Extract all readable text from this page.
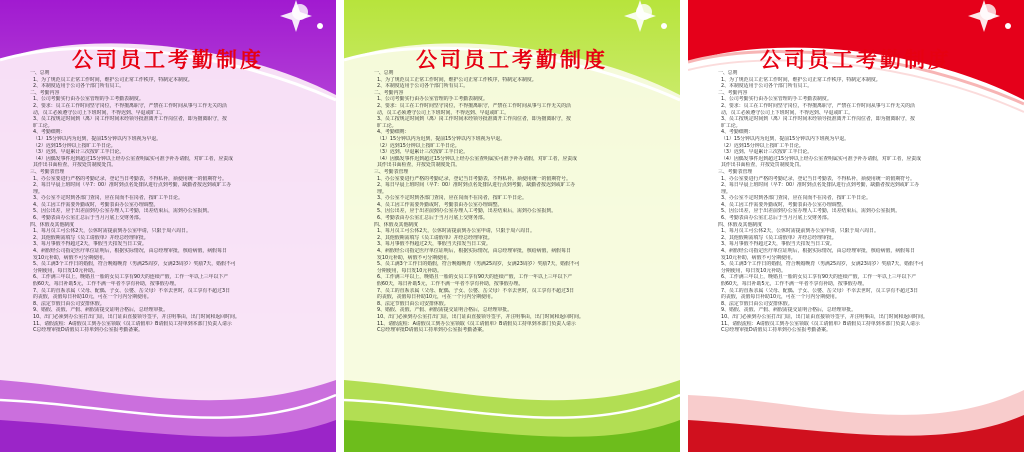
公司员工考勤制度
一、总则
1、为了规范员工正常工作时间，维护公司正常工作秩序，特制定本制度。
2、本制度适用于公司各个部门所有员工。
二、考勤内容
1、公司考勤实行由办公室管理的手工考勤表制度。
2、要求：员工在工作时间坚守岗位，不得擅离职守，严禁在工作时间从事与工作无关的活
动，员工必须遵守公司上下班时间，不得迟到、早退或旷工。
3、员工按规定时间到（离）岗工作时间未经领导批准离开工作岗位者，即为擅离职守，按
旷工论。
4、考勤细则：
（1）15分钟以内为迟到，提前15分钟以内下班视为早退。
（2）迟到15分钟以上按旷工半日论。
（3）迟到、早退累计三次按旷工半日论。
（4）因偶发事件迟到超过15分钟以上经办公室查明属实可准予补办请假，对旷工者，应责成
其作出书面检查，并按处罚制度处罚。
三、考勤表管理
1、办公室要进行严格的考勤记录，登记当日考勤表，不得私补，须使用统一的假期符号。
2、每日早晨上班时间（早7：00）准时到点名处排队进行点到考勤，缺勤者按迟到或旷工办
理。
3、办公室不定时到各部门查岗，应在岗而不在岗者，按旷工半日论。
4、员工因工作需要外勤或时，考勤表由办公室办理调整。
5、因公出差，应于出差前到办公室办理人工考勤，出差结束后，需到办公室报到。
6、考勤表由办公室汇总后于当月月底上交财务部。
四、休假及其他制度
1、每月员工可公休2天，公休时需提前到办公室申请，只限于周六周日。
2、其他假期需填写《员工请假单》并经总经理审批。
3、每月事假不得超过2天，事假当天扣发当日工资。
4、病假经公司指定医疗单位证明后，根据实际情况，由总经理审批，核给病假，病假每日
发10元补助，病假不可分期使用。
5、员工满3个工作日的婚假，符合晚婚晚育（男满25周岁，女满23周岁）奖励7天，婚假不可
分期使用，每日发10元补助。
6、工作满三年以上，晚婚且一胎的女员工享有90天的连续产假，工作一年以上三年以下产
假60天，每日补助5元，工作不满一年者不享有补助，按事假办理。
7、员工的直系亲属（父母、配偶、子女、公婆、岳父母）不幸去世时，员工享有不超过3日
的丧假，丧假每日补助10元，可在一个月内分期使用。
8、法定节假日由公司安排休假。
9、婚假、丧假、产假、病假需提交证明合格后，总经理审批。
10、出门必须到办公室打出门证，出门证由直接领导签字，并注明事由，出门时间和返回时间。
11、请假流程：A请假员工到办公室领取《员工请假单》B请假员工持单到本部门负责人请示
C总经理审批D请假员工持单到办公室报考勤备案。
公司员工考勤制度
一、总则
1、为了规范员工正常工作时间，维护公司正常工作秩序，特制定本制度。
2、本制度适用于公司各个部门所有员工。
二、考勤内容
1、公司考勤实行由办公室管理的手工考勤表制度。
2、要求：员工在工作时间坚守岗位，不得擅离职守，严禁在工作时间从事与工作无关的活
动，员工必须遵守公司上下班时间，不得迟到、早退或旷工。
3、员工按规定时间到（离）岗工作时间未经领导批准离开工作岗位者，即为擅离职守，按
旷工论。
4、考勤细则：
（1）15分钟以内为迟到，提前15分钟以内下班视为早退。
（2）迟到15分钟以上按旷工半日论。
（3）迟到、早退累计三次按旷工半日论。
（4）因偶发事件迟到超过15分钟以上经办公室查明属实可准予补办请假，对旷工者，应责成
其作出书面检查，并按处罚制度处罚。
三、考勤表管理
1、办公室要进行严格的考勤记录，登记当日考勤表，不得私补，须使用统一的假期符号。
2、每日早晨上班时间（早7：00）准时到点名处排队进行点到考勤，缺勤者按迟到或旷工办
理。
3、办公室不定时到各部门查岗，应在岗而不在岗者，按旷工半日论。
4、员工因工作需要外勤或时，考勤表由办公室办理调整。
5、因公出差，应于出差前到办公室办理人工考勤，出差结束后，需到办公室报到。
6、考勤表由办公室汇总后于当月月底上交财务部。
四、休假及其他制度
1、每月员工可公休2天，公休时需提前到办公室申请，只限于周六周日。
2、其他假期需填写《员工请假单》并经总经理审批。
3、每月事假不得超过2天，事假当天扣发当日工资。
4、病假经公司指定医疗单位证明后，根据实际情况，由总经理审批，核给病假，病假每日
发10元补助，病假不可分期使用。
5、员工满3个工作日的婚假，符合晚婚晚育（男满25周岁，女满23周岁）奖励7天，婚假不可
分期使用，每日发10元补助。
6、工作满三年以上，晚婚且一胎的女员工享有90天的连续产假，工作一年以上三年以下产
假60天，每日补助5元，工作不满一年者不享有补助，按事假办理。
7、员工的直系亲属（父母、配偶、子女、公婆、岳父母）不幸去世时，员工享有不超过3日
的丧假，丧假每日补助10元，可在一个月内分期使用。
8、法定节假日由公司安排休假。
9、婚假、丧假、产假、病假需提交证明合格后，总经理审批。
10、出门必须到办公室打出门证，出门证由直接领导签字，并注明事由，出门时间和返回时间。
11、请假流程：A请假员工到办公室领取《员工请假单》B请假员工持单到本部门负责人请示
C总经理审批D请假员工持单到办公室报考勤备案。
公司员工考勤制度
一、总则
1、为了规范员工正常工作时间，维护公司正常工作秩序，特制定本制度。
2、本制度适用于公司各个部门所有员工。
二、考勤内容
1、公司考勤实行由办公室管理的手工考勤表制度。
2、要求：员工在工作时间坚守岗位，不得擅离职守，严禁在工作时间从事与工作无关的活
动，员工必须遵守公司上下班时间，不得迟到、早退或旷工。
3、员工按规定时间到（离）岗工作时间未经领导批准离开工作岗位者，即为擅离职守，按
旷工论。
4、考勤细则：
（1）15分钟以内为迟到，提前15分钟以内下班视为早退。
（2）迟到15分钟以上按旷工半日论。
（3）迟到、早退累计三次按旷工半日论。
（4）因偶发事件迟到超过15分钟以上经办公室查明属实可准予补办请假，对旷工者，应责成
其作出书面检查，并按处罚制度处罚。
三、考勤表管理
1、办公室要进行严格的考勤记录，登记当日考勤表，不得私补，须使用统一的假期符号。
2、每日早晨上班时间（早7：00）准时到点名处排队进行点到考勤，缺勤者按迟到或旷工办
理。
3、办公室不定时到各部门查岗，应在岗而不在岗者，按旷工半日论。
4、员工因工作需要外勤或时，考勤表由办公室办理调整。
5、因公出差，应于出差前到办公室办理人工考勤，出差结束后，需到办公室报到。
6、考勤表由办公室汇总后于当月月底上交财务部。
四、休假及其他制度
1、每月员工可公休2天，公休时需提前到办公室申请，只限于周六周日。
2、其他假期需填写《员工请假单》并经总经理审批。
3、每月事假不得超过2天，事假当天扣发当日工资。
4、病假经公司指定医疗单位证明后，根据实际情况，由总经理审批，核给病假，病假每日
发10元补助，病假不可分期使用。
5、员工满3个工作日的婚假，符合晚婚晚育（男满25周岁，女满23周岁）奖励7天，婚假不可
分期使用，每日发10元补助。
6、工作满三年以上，晚婚且一胎的女员工享有90天的连续产假，工作一年以上三年以下产
假60天，每日补助5元，工作不满一年者不享有补助，按事假办理。
7、员工的直系亲属（父母、配偶、子女、公婆、岳父母）不幸去世时，员工享有不超过3日
的丧假，丧假每日补助10元，可在一个月内分期使用。
8、法定节假日由公司安排休假。
9、婚假、丧假、产假、病假需提交证明合格后，总经理审批。
10、出门必须到办公室打出门证，出门证由直接领导签字，并注明事由，出门时间和返回时间。
11、请假流程：A请假员工到办公室领取《员工请假单》B请假员工持单到本部门负责人请示
C总经理审批D请假员工持单到办公室报考勤备案。
